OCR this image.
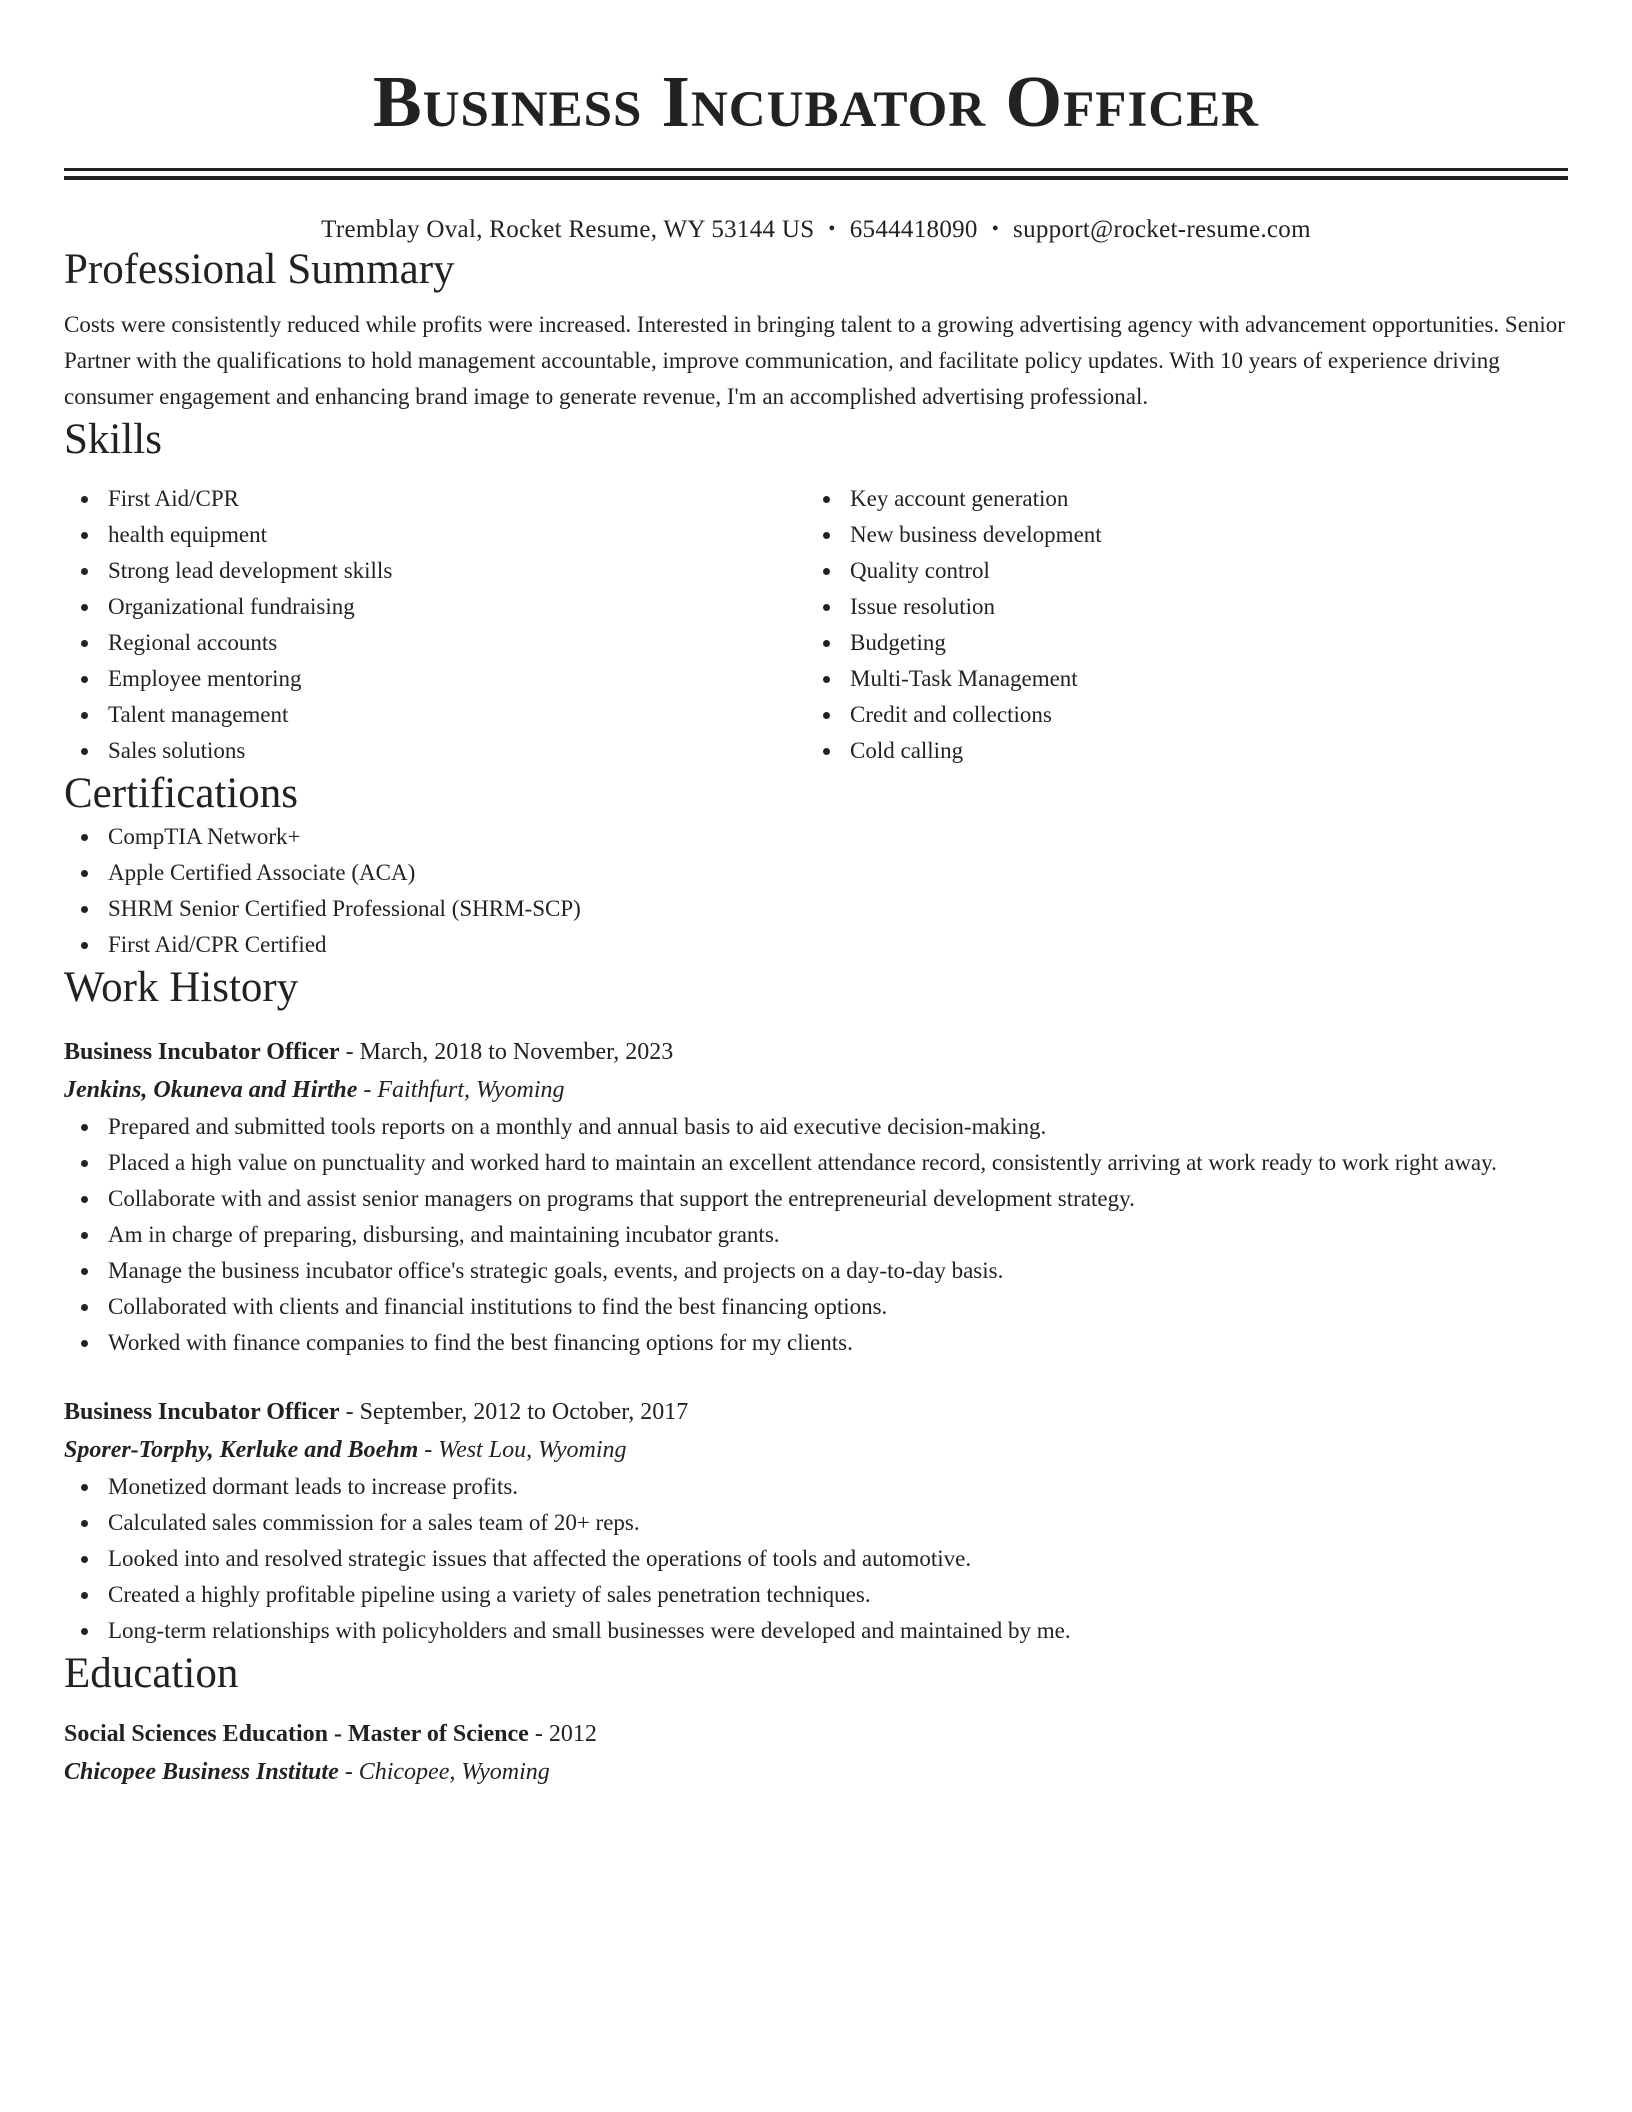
Business Incubator Officer
Tremblay Oval, Rocket Resume, WY 53144 US • 6544418090 • support@rocket-resume.com
Professional Summary

Costs were consistently reduced while profits were increased. Interested in bringing talent to a growing advertising agency with advancement opportunities. Senior Partner with the qualifications to hold management accountable, improve communication, and facilitate policy updates. With 10 years of experience driving consumer engagement and enhancing brand image to generate revenue, I'm an accomplished advertising professional.

Skills
First Aid/CPR
health equipment
Strong lead development skills
Organizational fundraising
Regional accounts
Employee mentoring
Talent management
Sales solutions
Key account generation
New business development
Quality control
Issue resolution
Budgeting
Multi-Task Management
Credit and collections
Cold calling
Certifications
CompTIA Network+
Apple Certified Associate (ACA)
SHRM Senior Certified Professional (SHRM-SCP)
First Aid/CPR Certified
Work History
Business Incubator Officer - March, 2018 to November, 2023
Jenkins, Okuneva and Hirthe - Faithfurt, Wyoming
Prepared and submitted tools reports on a monthly and annual basis to aid executive decision-making.
Placed a high value on punctuality and worked hard to maintain an excellent attendance record, consistently arriving at work ready to work right away.
Collaborate with and assist senior managers on programs that support the entrepreneurial development strategy.
Am in charge of preparing, disbursing, and maintaining incubator grants.
Manage the business incubator office's strategic goals, events, and projects on a day-to-day basis.
Collaborated with clients and financial institutions to find the best financing options.
Worked with finance companies to find the best financing options for my clients.
Business Incubator Officer - September, 2012 to October, 2017
Sporer-Torphy, Kerluke and Boehm - West Lou, Wyoming
Monetized dormant leads to increase profits.
Calculated sales commission for a sales team of 20+ reps.
Looked into and resolved strategic issues that affected the operations of tools and automotive.
Created a highly profitable pipeline using a variety of sales penetration techniques.
Long-term relationships with policyholders and small businesses were developed and maintained by me.
Education
Social Sciences Education - Master of Science - 2012
Chicopee Business Institute - Chicopee, Wyoming
